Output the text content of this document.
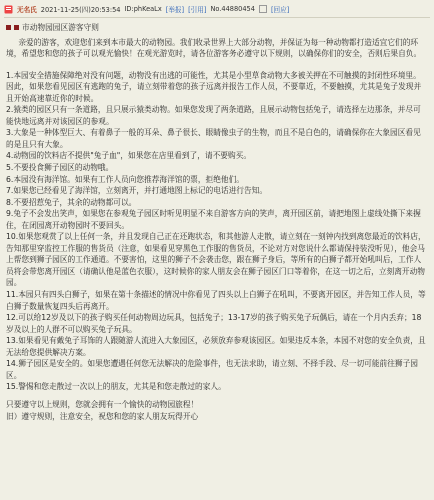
无名氏 2021-11-25(四)20:53:54 ID:phKeaLx [举报] [引用] No.44880454 [回应]
市动物园园区游客守则

亲爱的游客，欢迎您们来到本市最大的动物园。我们收录世界上大部分动物，并保证为每一种动物都打造适宜它们的环境，希望您和您的孩子可以观光愉快！在观光游览时，请各位游客务必遵守以下规则，以确保你们的安全，否则后果自负。

1.本园安全措施保障绝对没有问题，动物没有出逃的可能性，尤其是小型草食动物大多被关押在不可触摸的封闭性环境里。因此，如果您看见园区有逃跑的兔子，请立刻带着您的孩子远离并报告工作人员，不要靠近，不要触摸，尤其是兔子发现并且开始高速靠近你的时候。

2.猿类的园区只有一条道路，且只展示猿类动物。如果您发现了两条道路，且展示动物包括兔子，请选择左边那条，并尽可能快地远离并对该园区的参观。

3.大象是一种体型巨大、有着鼻子一般的耳朵、鼻子很长、眼睛像虫子的生物，而且不是白色的，请确保你在大象园区看见的是且只有大象。

4.动物园的饮料店不提供"兔子血"，如果您在店里看到了，请不要购买。

5.不要投食狮子园区的动物哦。

6.本园没有海洋馆。如果有工作人员向您推荐海洋馆的票，拒绝他们。

7.如果您已经看见了海洋馆，立刻离开，并打通地图上标记的电话进行告知。

8.不要招惹兔子，其余的动物都可以。

9.兔子不会发出笑声，如果您在参观兔子园区时听见明显不来自游客方向的笑声，离开园区前，请把地图上虚线处撕下来握住，在闭园离开动物园时不要回头。

10.如果您观赏了以上任何一条，并且发现自己正在还跑状态，和其他游人走散，请立刻在一刻钟内找到离您最近的饮料店，告知那里穿监控工作服的售货员（注意，如果看见穿黑色工作服的售货员，不论对方对您说什么都请保持装没听见），他会马上帮您到狮子园区的工作通道。不要害怕，这里的狮子不会袭击您，跟在狮子身后，等所有的白狮子都开始吼叫后，工作人员将会带您离开园区（请确认他是蓝色衣服），这时候你的家人朋友会在狮子园区门口等着你，在这一切之后，立刻离开动物园。

11.本园只有四头白狮子，如果在第十条描述的情况中你看见了四头以上白狮子在吼叫，不要离开园区，并告知工作人员，等白狮子数量恢复四头后再离开。

12.可以给12岁及以下的孩子购买任何动物周边玩具，包括兔子；13-17岁的孩子购买兔子玩偶后，请在一个月内丢弃；18岁及以上的人群不可以购买兔子玩具。

13.如果看见有戴兔子耳饰的人跟随游人流进入大象园区，必须放弃参观该园区。如果违反本条，本园不对您的安全负责，且无法给您提供解决方案。

14.狮子园区是安全的。如果您遭遇任何您无法解决的危险事件，也无法求助，请立刻、不择手段、尽一切可能前往狮子园区。

15.警惕和您走散过一次以上的朋友，尤其是和您走散过的家人。

只要遵守以上规则，您就会拥有一个愉快的动物园旅程！

旧）遵守规则，注意安全，祝您和您的家人朋友玩得开心
